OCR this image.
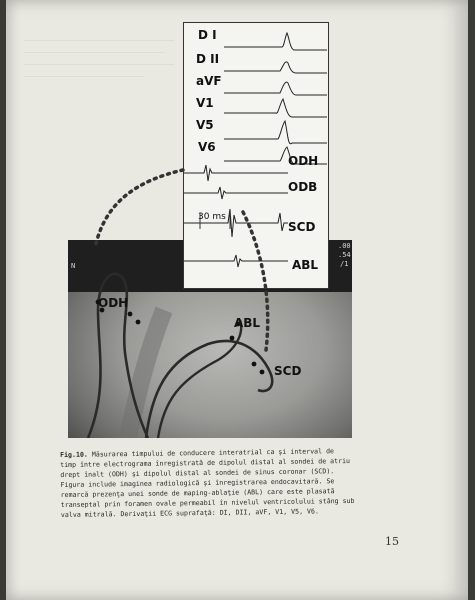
ODH
ABL
SCD
N
.00
.54
/1
D I
D II
aVF
V1
V5
V6
ODH
ODB
SCD
ABL
30 ms
Fig.10. Măsurarea timpului de conducere interatrial ca şi interval de
timp între electrograma înregistrată de dipolul distal al sondei de atriu
drept înalt (ODH) şi dipolul distal al sondei de sinus coronar (SCD).
Figura include imaginea radiologică şi înregistrarea endocavitară. Se
remarcă prezenţa unei sonde de maping-ablaţie (ABL) care este plasată
transeptal prin foramen ovale permeabil în nivelul ventricolului stâng sub
valva mitrală. Derivaţii ECG suprafaţă: DI, DII, aVF, V1, V5, V6.
15
